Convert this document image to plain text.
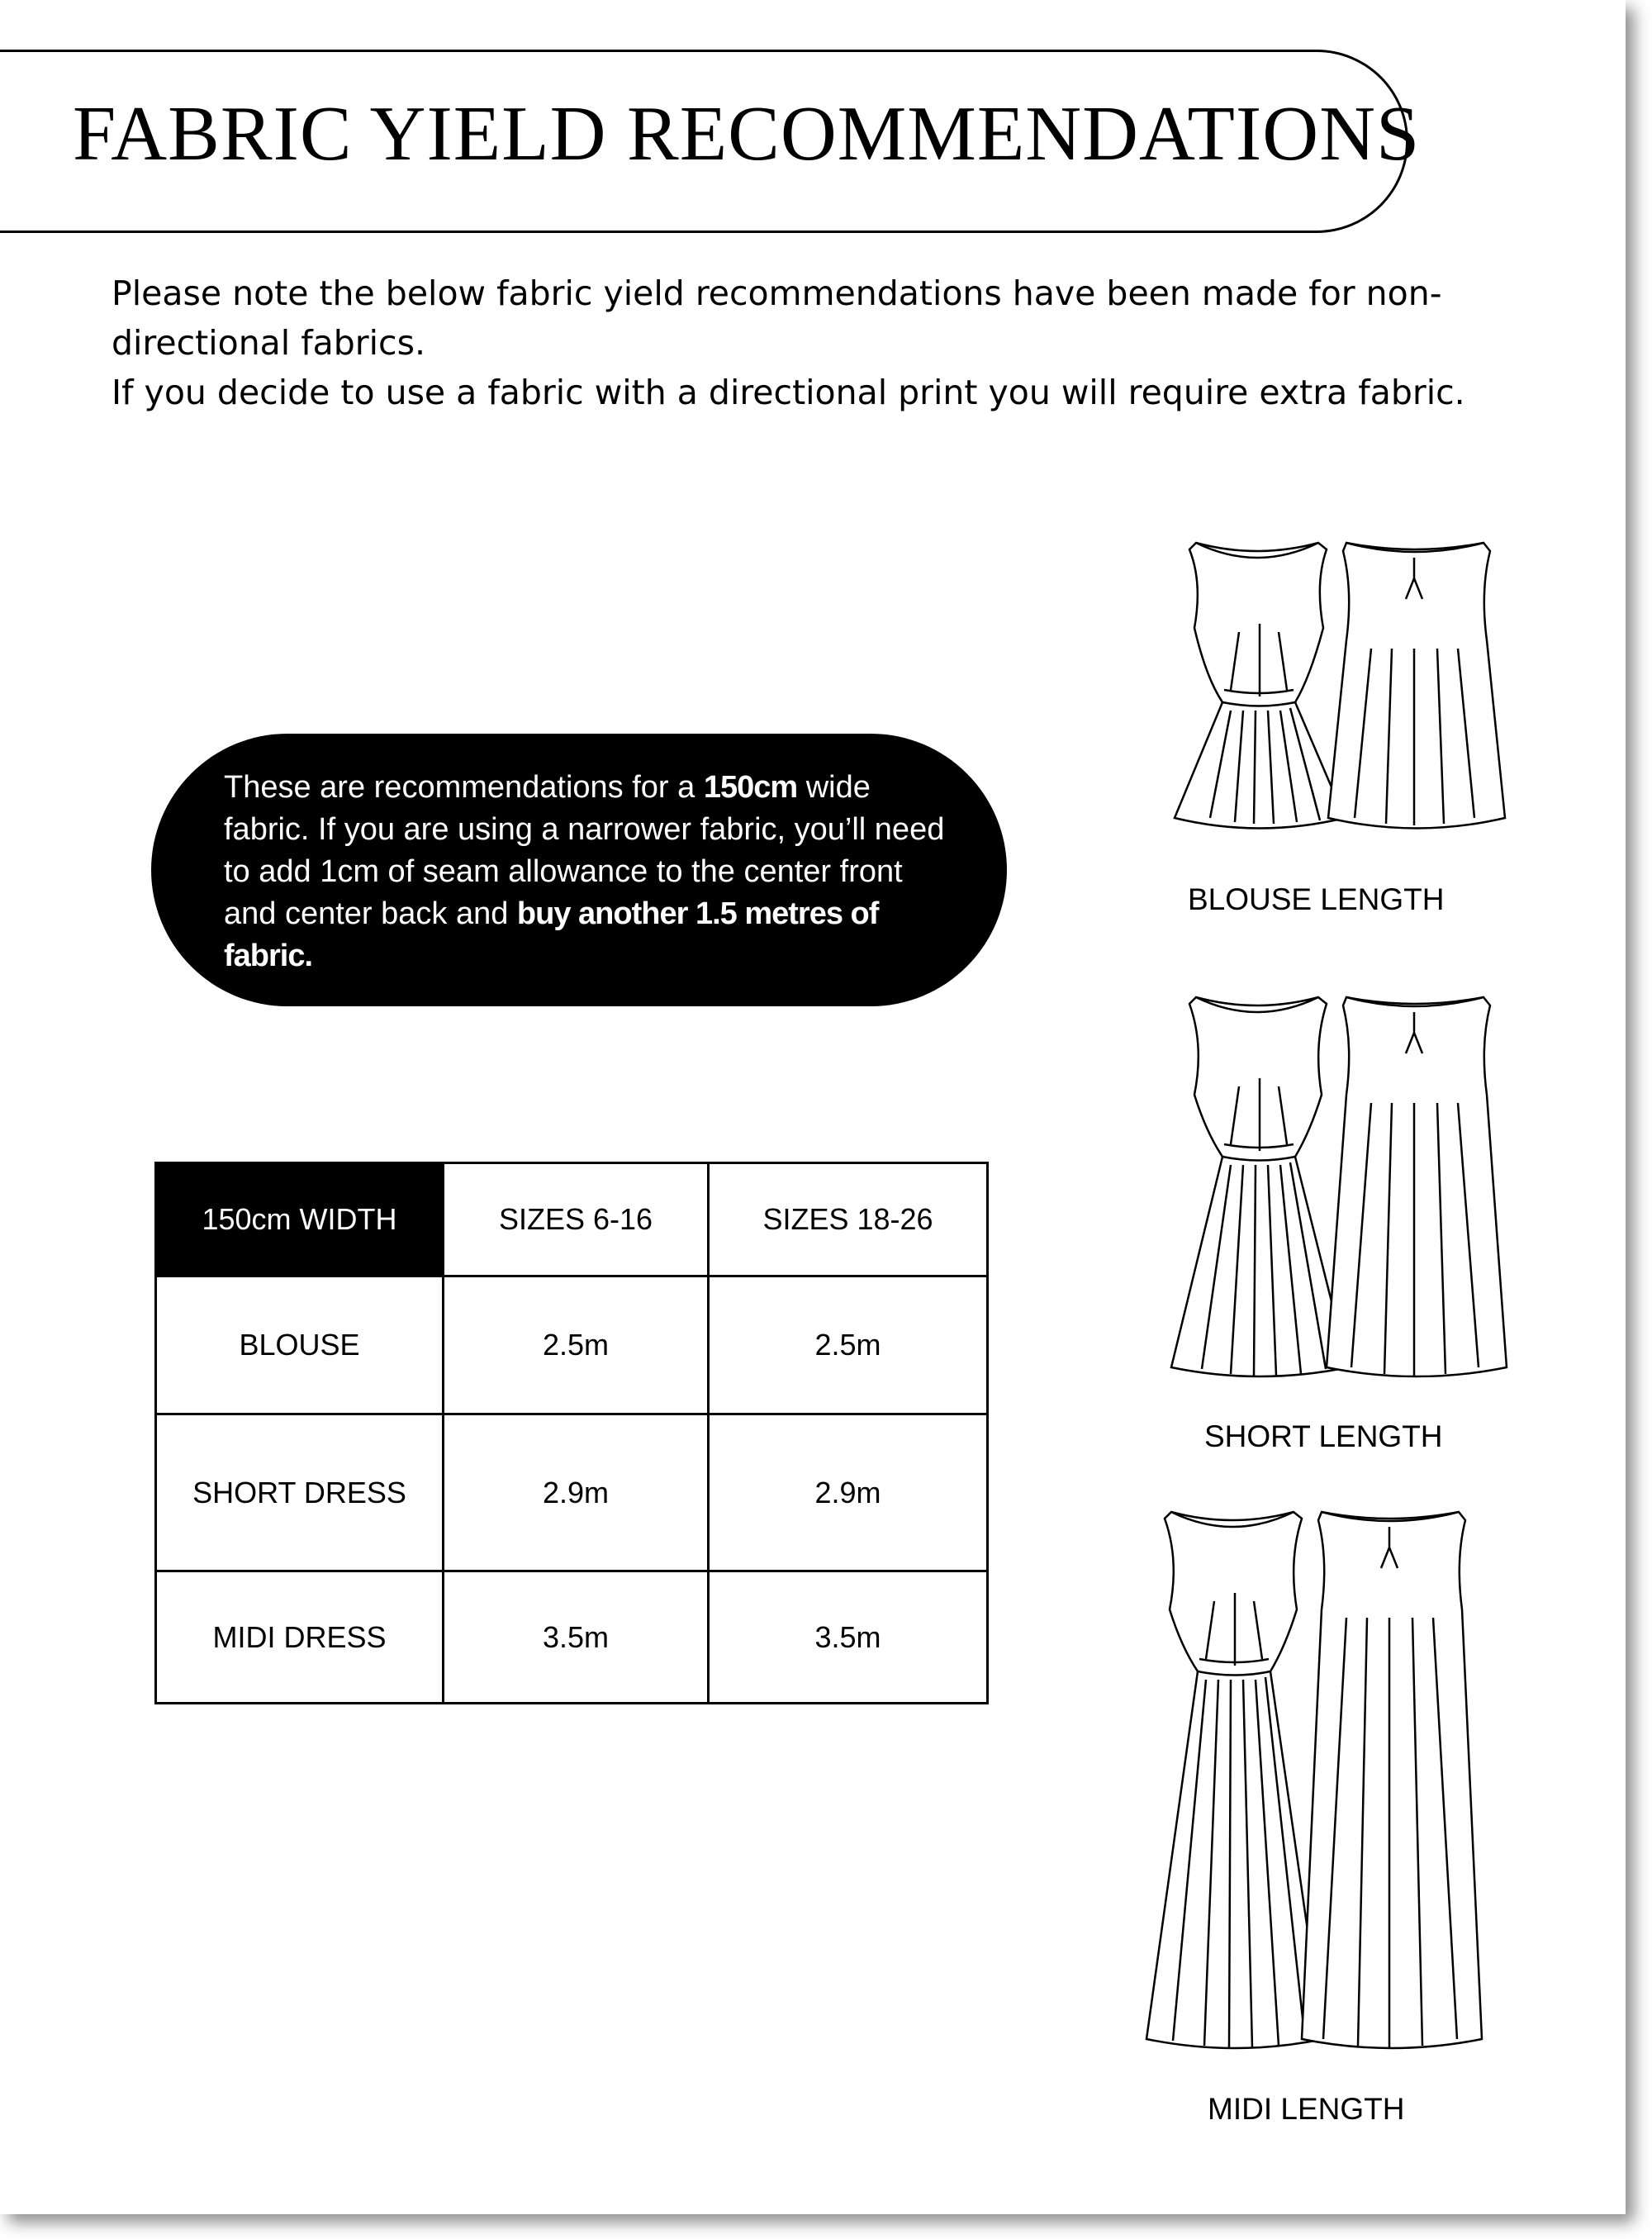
FABRIC YIELD RECOMMENDATIONS

Please note the below fabric yield recommendations have been made for non-directional fabrics.

If you decide to use a fabric with a directional print you will require extra fabric.

These are recommendations for a 150cm wide fabric. If you are using a narrower fabric, you’ll need to add 1cm of seam allowance to the center front and center back and buy another 1.5 metres of fabric.
150cm WIDTH	SIZES 6-16	SIZES 18-26
BLOUSE	2.5m	2.5m
SHORT DRESS	2.9m	2.9m
MIDI DRESS	3.5m	3.5m
BLOUSE LENGTH
SHORT LENGTH
MIDI LENGTH
